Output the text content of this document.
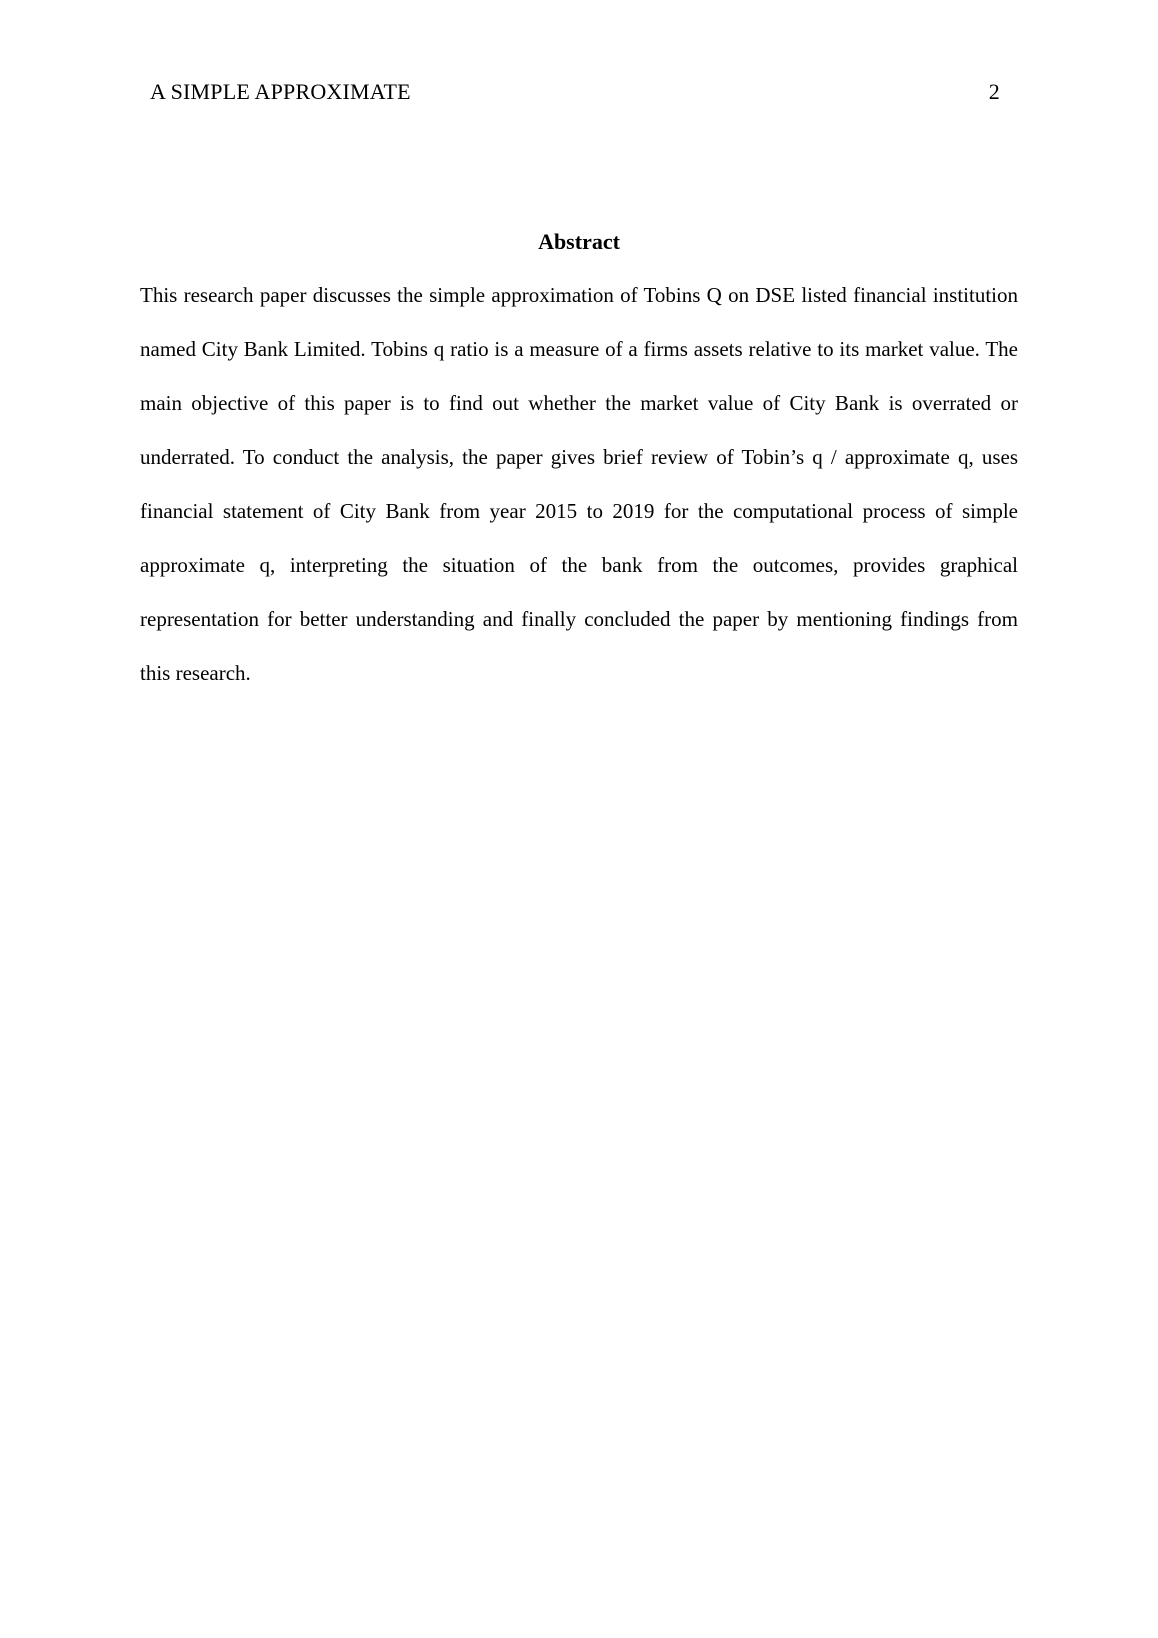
A SIMPLE APPROXIMATE	2
Abstract

This research paper discusses the simple approximation of Tobins Q on DSE listed financial institution named City Bank Limited. Tobins q ratio is a measure of a firms assets relative to its market value. The main objective of this paper is to find out whether the market value of City Bank is overrated or underrated. To conduct the analysis, the paper gives brief review of Tobin’s q / approximate q, uses financial statement of City Bank from year 2015 to 2019 for the computational process of simple approximate q, interpreting the situation of the bank from the outcomes, provides graphical representation for better understanding and finally concluded the paper by mentioning findings from this research.
